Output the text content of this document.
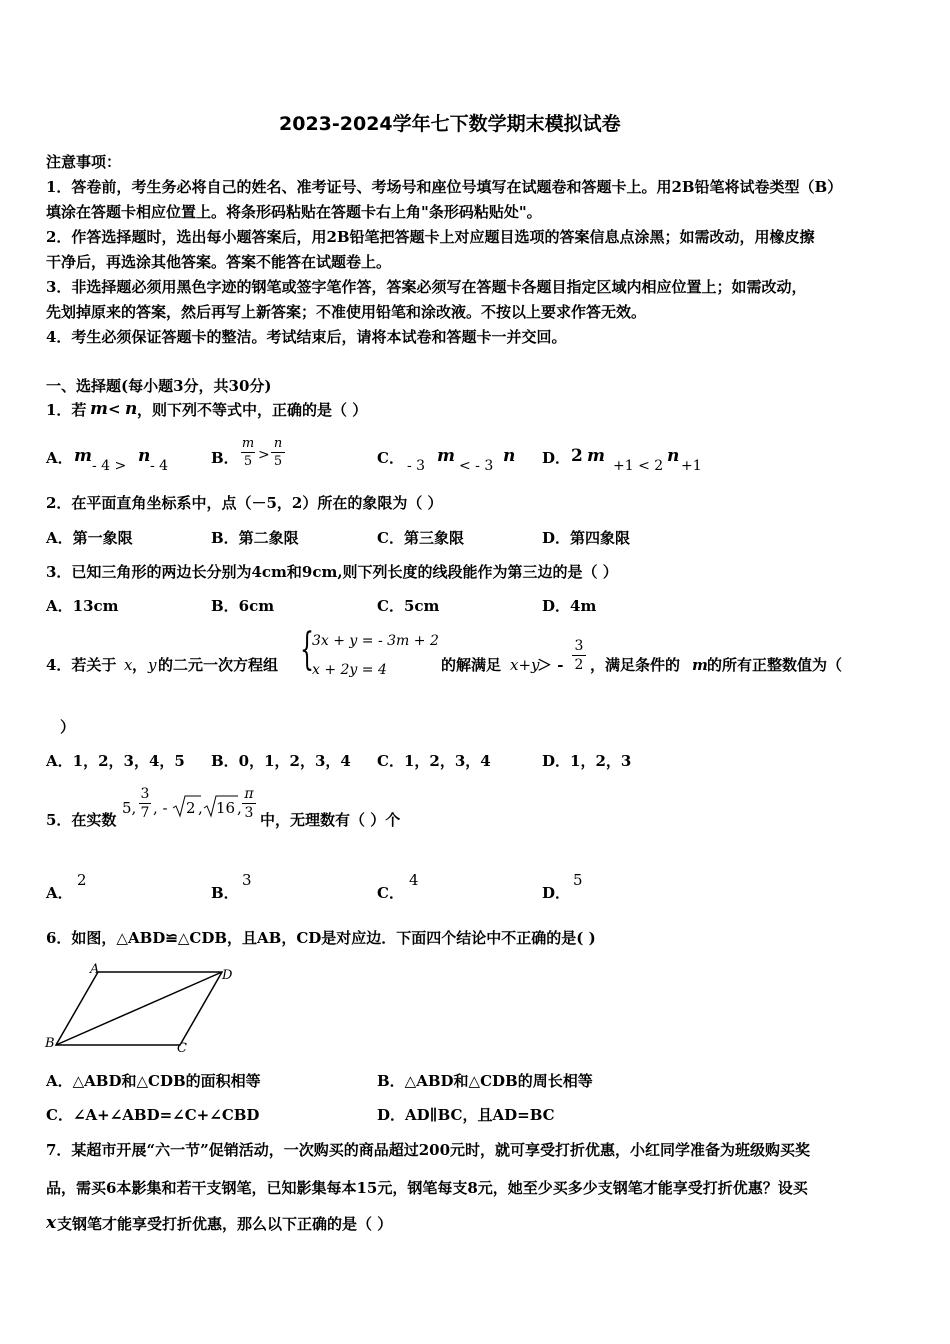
2023-2024学年七下数学期末模拟试卷
注意事项：
1．答卷前，考生务必将自己的姓名、准考证号、考场号和座位号填写在试题卷和答题卡上。用2B铅笔将试卷类型（B）
填涂在答题卡相应位置上。将条形码粘贴在答题卡右上角"条形码粘贴处"。
2．作答选择题时，选出每小题答案后，用2B铅笔把答题卡上对应题目选项的答案信息点涂黑；如需改动，用橡皮擦
干净后，再选涂其他答案。答案不能答在试题卷上。
3．非选择题必须用黑色字迹的钢笔或签字笔作答，答案必须写在答题卡各题目指定区域内相应位置上；如需改动，
先划掉原来的答案，然后再写上新答案；不准使用铅笔和涂改液。不按以上要求作答无效。
4．考生必须保证答题卡的整洁。考试结束后，请将本试卷和答题卡一并交回。
一、选择题(每小题3分，共30分)
1．若 m < n ，则下列不等式中，正确的是（ ）
A． m - 4 > n - 4	B．
m
5 >
n
5	C． - 3 m < - 3 n D． 2 m +1 < 2 n +1
2．在平面直角坐标系中，点（－5，2）所在的象限为（ ）
A．第一象限	B．第二象限	C．第三象限	D．第四象限
3．已知三角形的两边长分别为4cm和9cm,则下列长度的线段能作为第三边的是（ ）
A．13cm	B．6cm	C．5cm	D．4m
4．若关于 x ， y 的二元一次方程组 {
3x + y = - 3m + 2
x + 2y = 4	的解满足 x+y
＞ -
3
2 ，满足条件的 m 的所有正整数值为（
）
A．1，2，3，4，5 B．0，1，2，3，4 C．1，2，3，4	D．1，2，3
5．在实数
5,
3
7 , - 2 , 16 ,
π
3 中，无理数有（ ）个
A．
2
B．
3
C．
4
D．
5
6．如图，△ABD≌△CDB，且AB，CD是对应边．下面四个结论中不正确的是( )
A	D
B	C
A．△ABD和△CDB的面积相等	B．△ABD和△CDB的周长相等
C．∠A+∠ABD=∠C+∠CBD	D．AD∥BC，且AD=BC
7．某超市开展“六一节”促销活动，一次购买的商品超过200元时，就可享受打折优惠，小红同学准备为班级购买奖
品，需买6本影集和若干支钢笔，已知影集每本15元，钢笔每支8元，她至少买多少支钢笔才能享受打折优惠？设买
x 支钢笔才能享受打折优惠，那么以下正确的是（ ）
